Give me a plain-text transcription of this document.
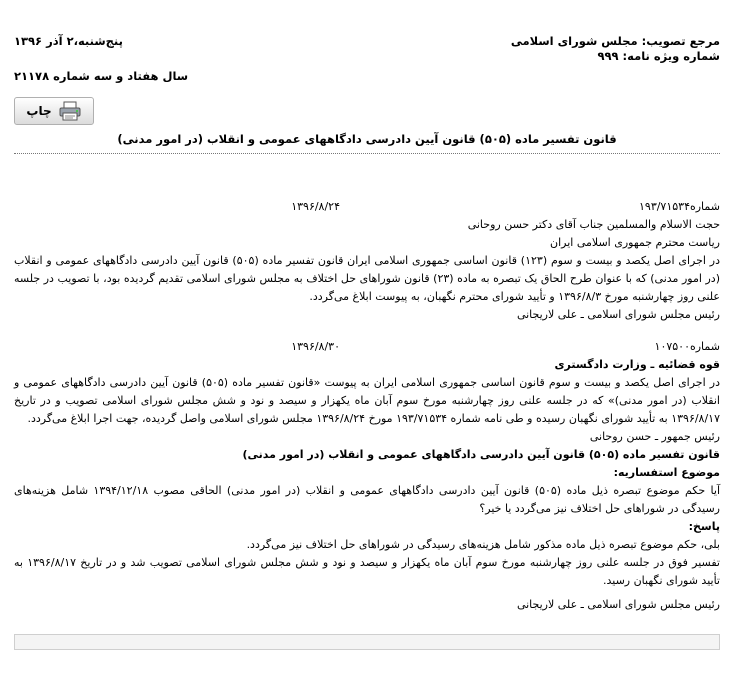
مرجع تصویب: مجلس شورای اسلامی
شماره ویژه نامه: ۹۹۹
پنج‌شنبه،۲ آذر ۱۳۹۶
سال هفتاد و سه شماره ۲۱۱۷۸
چاپ
قانون تفسیر ماده (۵۰۵) قانون آیین دادرسی دادگاههای عمومی و انقلاب (در امور مدنی)
شماره۱۹۳/۷۱۵۳۴
۱۳۹۶/۸/۲۴
حجت الاسلام والمسلمین جناب آقای دکتر حسن روحانی
ریاست محترم جمهوری اسلامی ایران
در اجرای اصل یکصد و بیست و سوم (۱۲۳) قانون اساسی جمهوری اسلامی ایران قانون تفسیر ماده (۵۰۵) قانون آیین دادرسی دادگاههای عمومی و انقلاب (در امور مدنی) که با عنوان طرح الحاق یک تبصره به ماده (۲۳) قانون شوراهای حل اختلاف به مجلس شورای اسلامی تقدیم گردیده بود، با تصویب در جلسه علنی روز چهارشنبه مورخ ۱۳۹۶/۸/۳ و تأیید شورای محترم نگهبان، به پیوست ابلاغ می‌گردد.
رئیس مجلس شورای اسلامی ـ علی لاریجانی
شماره۱۰۷۵۰۰
۱۳۹۶/۸/۳۰
قوه قضائیه ـ وزارت دادگستری
در اجرای اصل یکصد و بیست و سوم قانون اساسی جمهوری اسلامی ایران به پیوست «قانون تفسیر ماده (۵۰۵) قانون آیین دادرسی دادگاههای عمومی و انقلاب (در امور مدنی)» که در جلسه علنی روز چهارشنبه مورخ سوم آبان ماه یکهزار و سیصد و نود و شش مجلس شورای اسلامی تصویب و در تاریخ ۱۳۹۶/۸/۱۷ به تأیید شورای نگهبان رسیده و طی نامه شماره ۱۹۳/۷۱۵۳۴ مورخ ۱۳۹۶/۸/۲۴ مجلس شورای اسلامی واصل گردیده، جهت اجرا ابلاغ می‌گردد.
رئیس جمهور ـ حسن روحانی
قانون تفسیر ماده (۵۰۵) قانون آیین دادرسی دادگاههای عمومی و انقلاب (در امور مدنی)
موضوع استفساریه:
آیا حکم موضوع تبصره ذیل ماده (۵۰۵) قانون آیین دادرسی دادگاههای عمومی و انقلاب (در امور مدنی) الحاقی مصوب ۱۳۹۴/۱۲/۱۸ شامل هزینه‌های رسیدگی در شوراهای حل اختلاف نیز می‌گردد یا خیر؟
پاسخ:
بلی، حکم موضوع تبصره ذیل ماده مذکور شامل هزینه‌های رسیدگی در شوراهای حل اختلاف نیز می‌گردد.
تفسیر فوق در جلسه علنی روز چهارشنبه مورخ سوم آبان ماه یکهزار و سیصد و نود و شش مجلس شورای اسلامی تصویب شد و در تاریخ ۱۳۹۶/۸/۱۷ به تأیید شورای نگهبان رسید.
رئیس مجلس شورای اسلامی ـ علی لاریجانی
